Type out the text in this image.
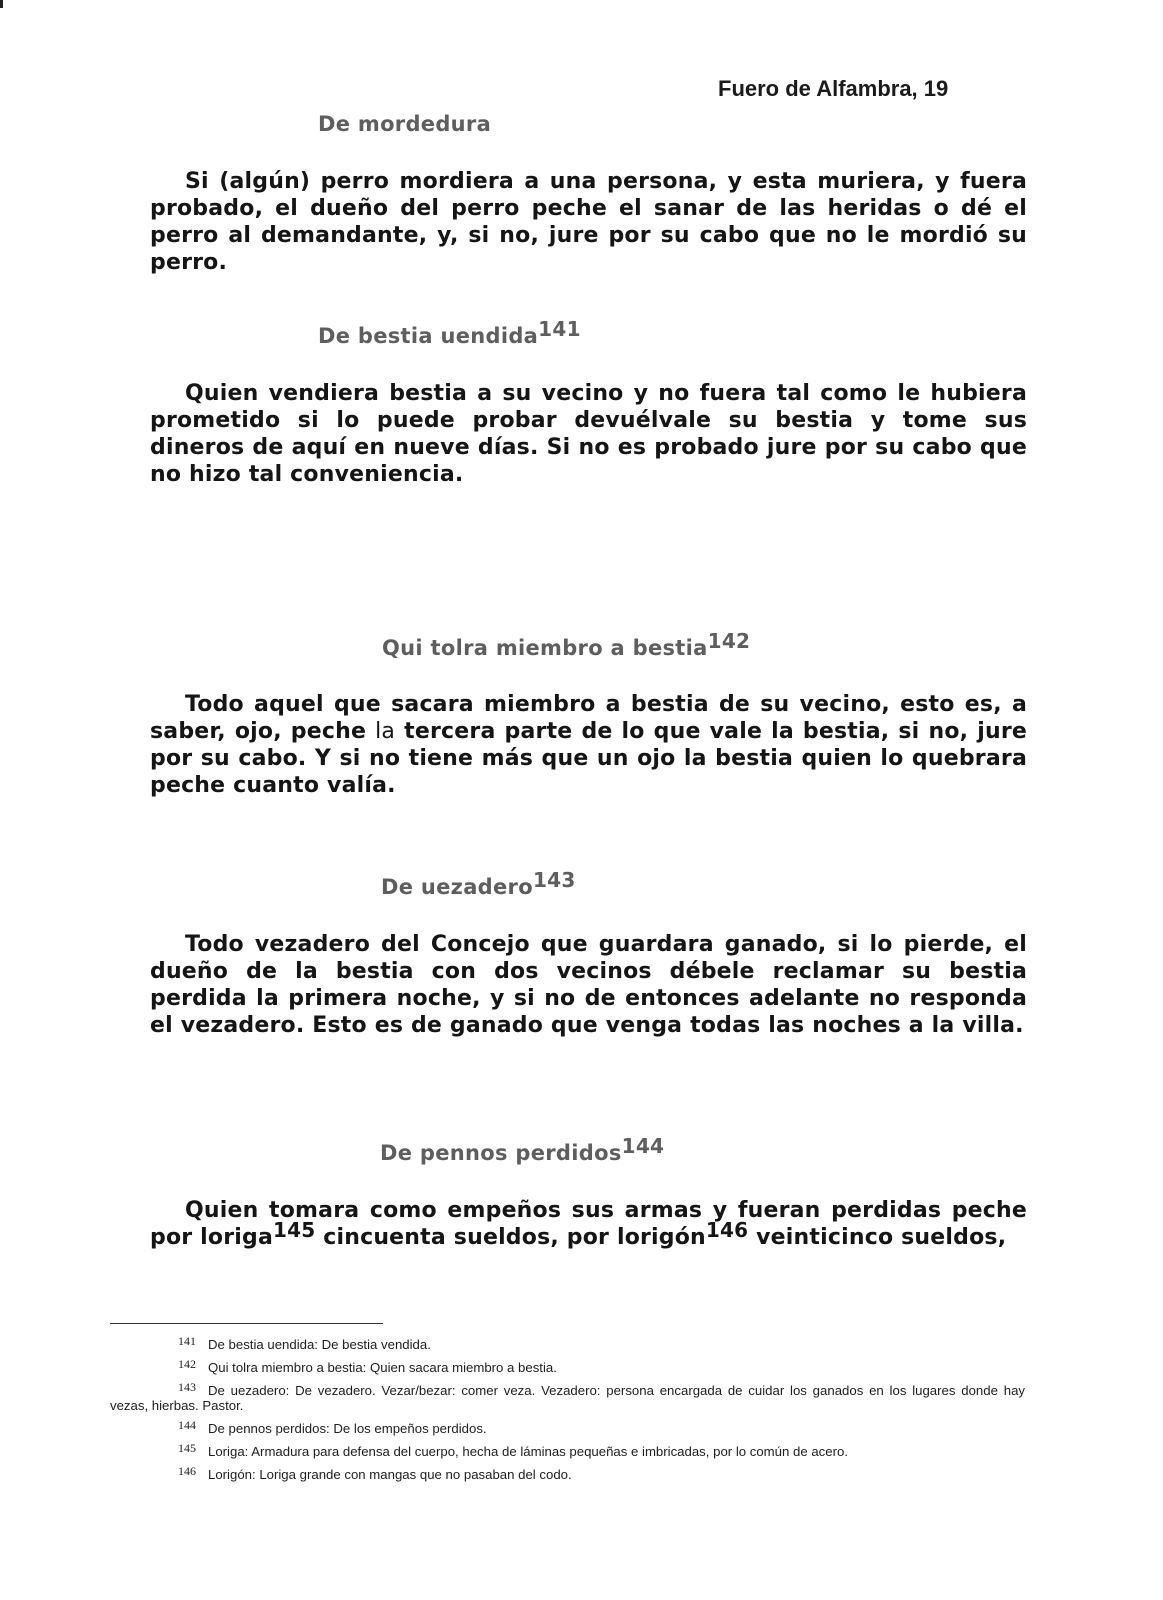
Fuero de Alfambra, 19
De mordedura

Si (algún) perro mordiera a una persona, y esta muriera, y fuera probado, el dueño del perro peche el sanar de las heridas o dé el perro al demandante, y, si no, jure por su cabo que no le mordió su perro.

De bestia uendida$^{141}$

Quien vendiera bestia a su vecino y no fuera tal como le hubiera prometido si lo puede probar devuélvale su bestia y tome sus dineros de aquí en nueve días. Si no es probado jure por su cabo que no hizo tal conveniencia.

Qui tolra miembro a bestia$^{142}$

Todo aquel que sacara miembro a bestia de su vecino, esto es, a saber, ojo, peche la tercera parte de lo que vale la bestia, si no, jure por su cabo. Y si no tiene más que un ojo la bestia quien lo quebrara peche cuanto valía.

De uezadero$^{143}$

Todo vezadero del Concejo que guardara ganado, si lo pierde, el dueño de la bestia con dos vecinos débele reclamar su bestia perdida la primera noche, y si no de entonces adelante no responda el vezadero. Esto es de ganado que venga todas las noches a la villa.

De pennos perdidos$^{144}$

Quien tomara como empeños sus armas y fueran perdidas peche por loriga$^{145}$ cincuenta sueldos, por lorigón$^{146}$ veinticinco sueldos,

141 De bestia uendida: De bestia vendida.
142 Qui tolra miembro a bestia: Quien sacara miembro a bestia.
143 De uezadero: De vezadero. Vezar/bezar: comer veza. Vezadero: persona encargada de cuidar los ganados en los lugares donde hay vezas, hierbas. Pastor.
144 De pennos perdidos: De los empeños perdidos.
145 Loriga: Armadura para defensa del cuerpo, hecha de láminas pequeñas e imbricadas, por lo común de acero.
146 Lorigón: Loriga grande con mangas que no pasaban del codo.
